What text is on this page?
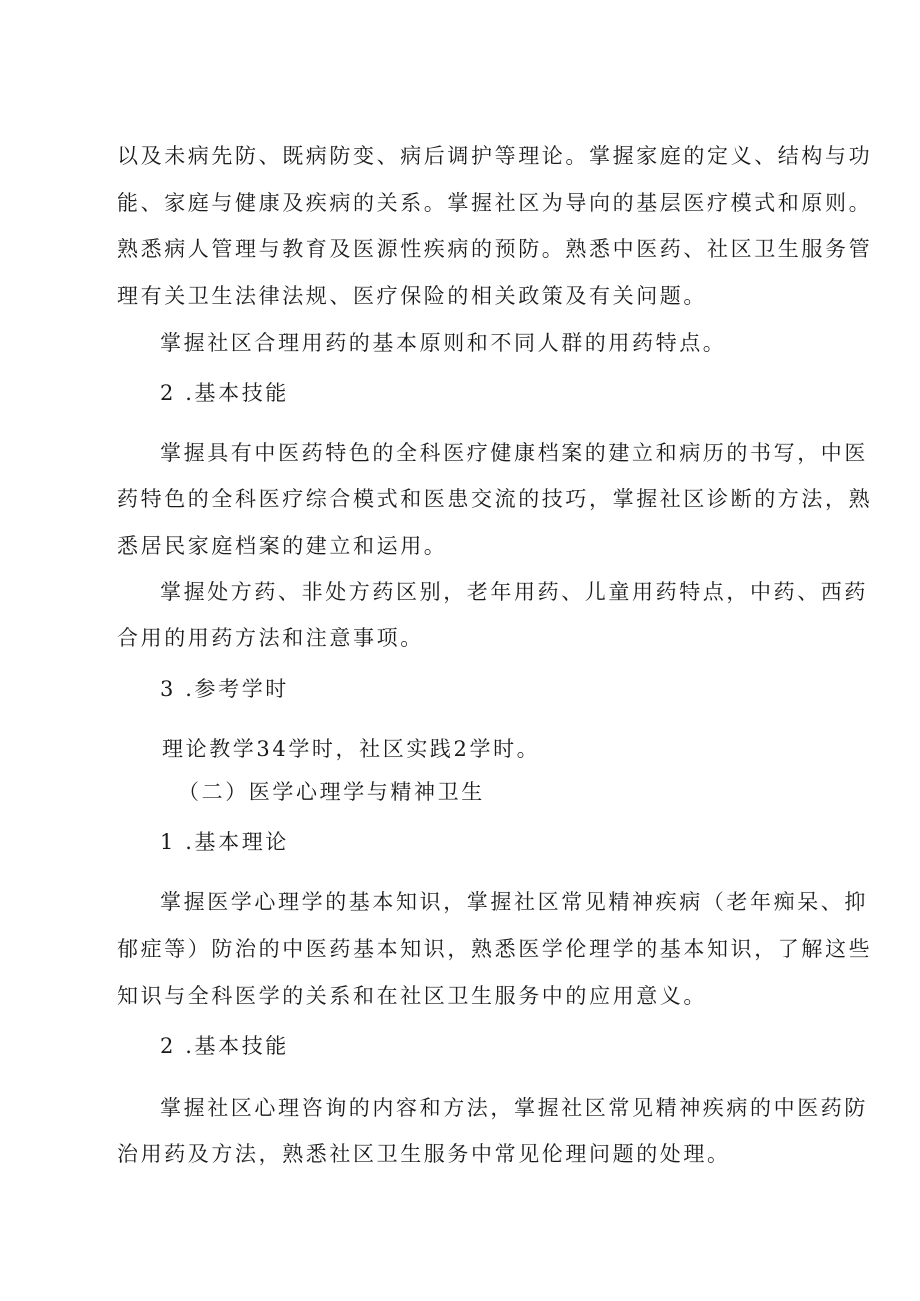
以及未病先防、既病防变、病后调护等理论。掌握家庭的定义、结构与功
能、家庭与健康及疾病的关系。掌握社区为导向的基层医疗模式和原则。
熟悉病人管理与教育及医源性疾病的预防。熟悉中医药、社区卫生服务管
理有关卫生法律法规、医疗保险的相关政策及有关问题。
掌握社区合理用药的基本原则和不同人群的用药特点。
2 .基本技能
掌握具有中医药特色的全科医疗健康档案的建立和病历的书写，中医
药特色的全科医疗综合模式和医患交流的技巧，掌握社区诊断的方法，熟
悉居民家庭档案的建立和运用。
掌握处方药、非处方药区别，老年用药、儿童用药特点，中药、西药
合用的用药方法和注意事项。
3 .参考学时
理论教学34学时，社区实践2学时。
（二）医学心理学与精神卫生
1 .基本理论
掌握医学心理学的基本知识，掌握社区常见精神疾病（老年痴呆、抑
郁症等）防治的中医药基本知识，熟悉医学伦理学的基本知识，了解这些
知识与全科医学的关系和在社区卫生服务中的应用意义。
2 .基本技能
掌握社区心理咨询的内容和方法，掌握社区常见精神疾病的中医药防
治用药及方法，熟悉社区卫生服务中常见伦理问题的处理。
